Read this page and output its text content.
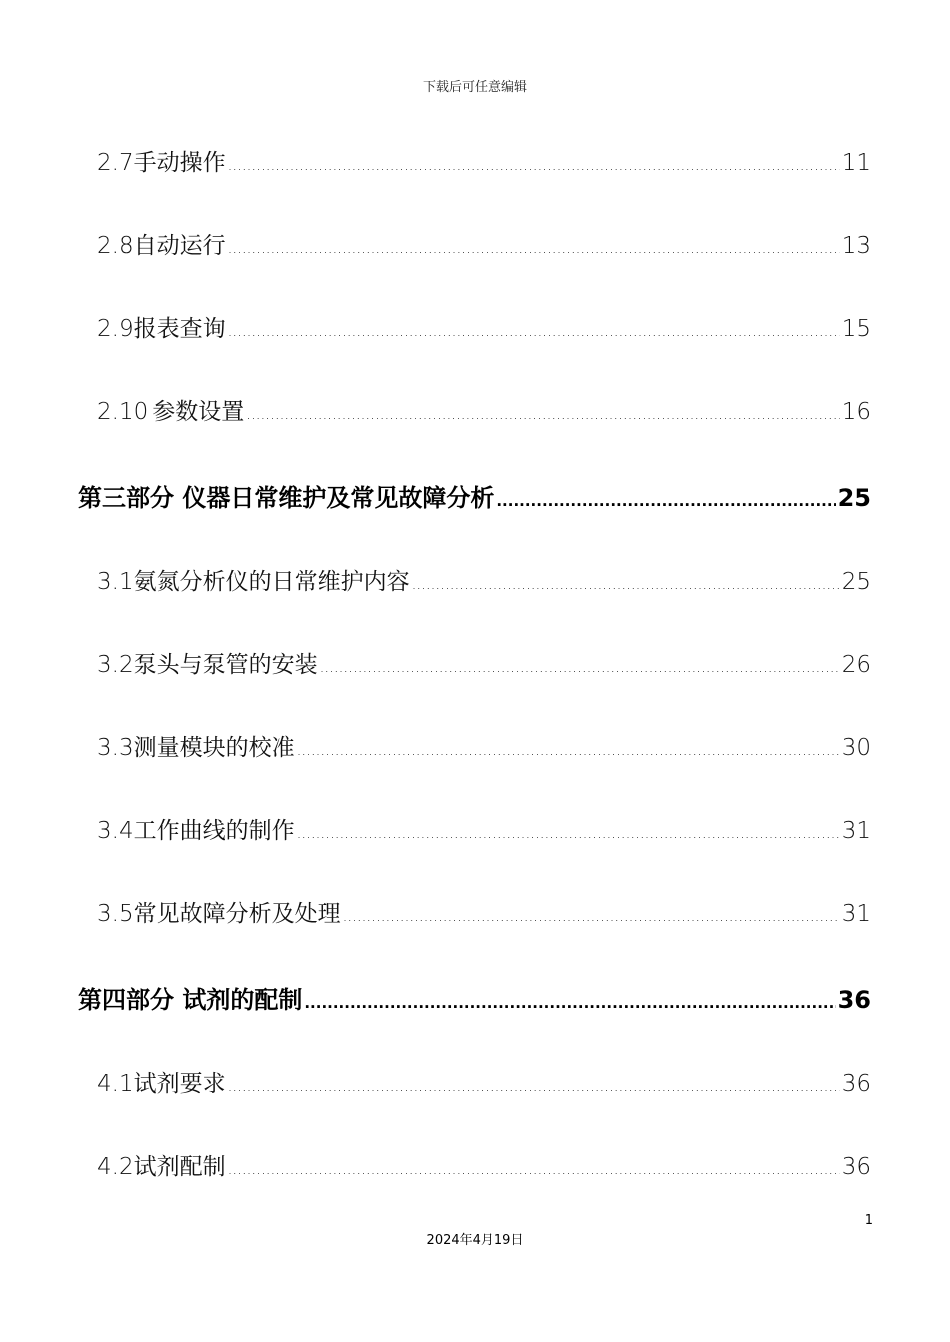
下载后可任意编辑
2.7 手动操作 .....	11
2.8 自动运行 .....	13
2.9 报表查询 .....	15
2.10 参数设置 .....	16
第三部分 仪器日常维护及常见故障分析 .....	25
3.1 氨氮分析仪的日常维护内容 .....	25
3.2 泵头与泵管的安装 .....	26
3.3 测量模块的校准 .....	30
3.4 工作曲线的制作 .....	31
3.5 常见故障分析及处理 .....	31
第四部分 试剂的配制 .....	36
4.1 试剂要求 .....	36
4.2 试剂配制 .....	36
1
2024年4月19日
